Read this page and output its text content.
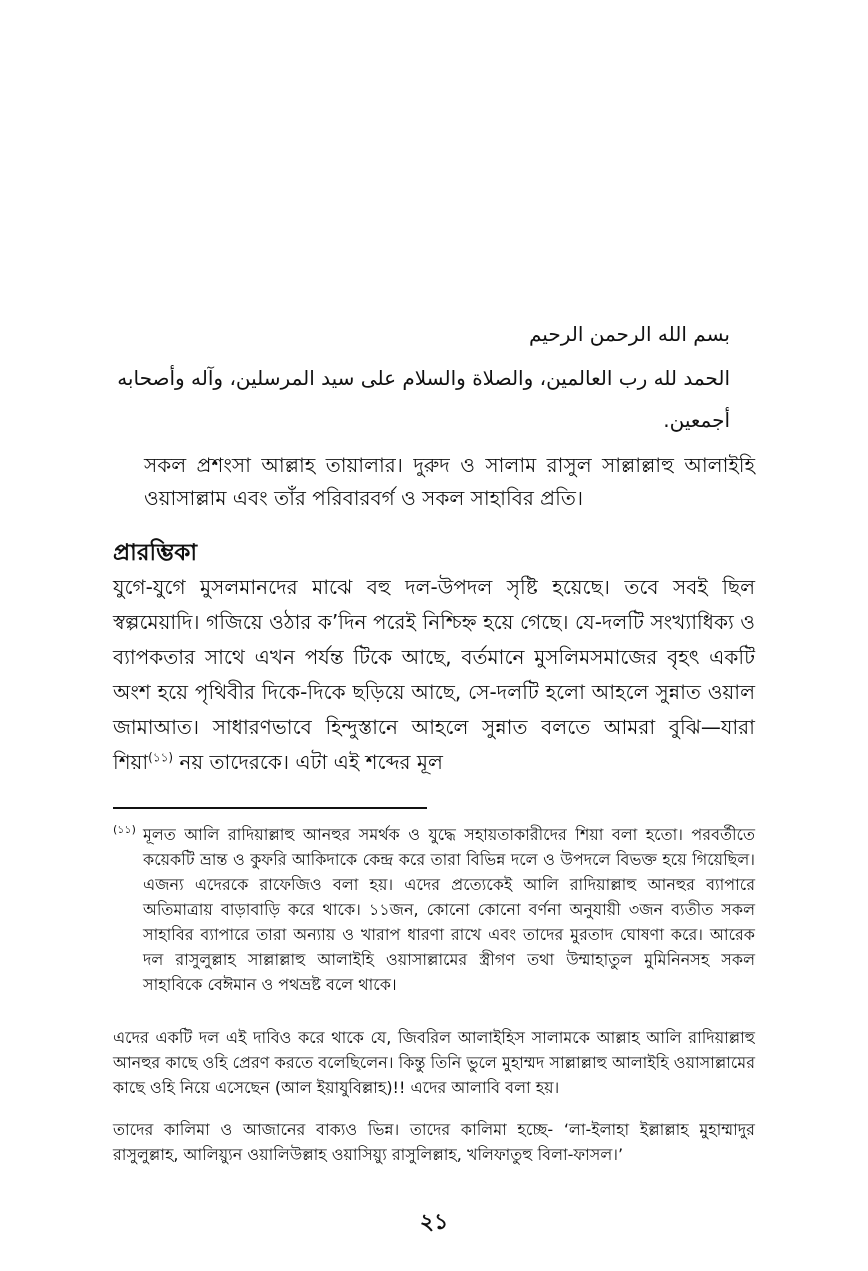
بسم الله الرحمن الرحيم
الحمد لله رب العالمين، والصلاة والسلام على سيد المرسلين، وآله وأصحابه
أجمعين.
সকল প্রশংসা আল্লাহ তায়ালার। দুরুদ ও সালাম রাসুল সাল্লাল্লাহু আলাইহি ওয়াসাল্লাম এবং তাঁর পরিবারবর্গ ও সকল সাহাবির প্রতি।
প্রারম্ভিকা
যুগে-যুগে মুসলমানদের মাঝে বহু দল-উপদল সৃষ্টি হয়েছে। তবে সবই ছিল স্বল্পমেয়াদি। গজিয়ে ওঠার ক’দিন পরেই নিশ্চিহ্ন হয়ে গেছে। যে-দলটি সংখ্যাধিক্য ও ব্যাপকতার সাথে এখন পর্যন্ত টিকে আছে, বর্তমানে মুসলিমসমাজের বৃহৎ একটি অংশ হয়ে পৃথিবীর দিকে-দিকে ছড়িয়ে আছে, সে-দলটি হলো আহলে সুন্নাত ওয়াল জামাআত। সাধারণভাবে হিন্দুস্তানে আহলে সুন্নাত বলতে আমরা বুঝি—যারা শিয়া$^{(১১)}$ নয় তাদেরকে। এটা এই শব্দের মূল
(১১) মূলত আলি রাদিয়াল্লাহু আনহুর সমর্থক ও যুদ্ধে সহায়তাকারীদের শিয়া বলা হতো। পরবর্তীতে কয়েকটি ভ্রান্ত ও কুফরি আকিদাকে কেন্দ্র করে তারা বিভিন্ন দলে ও উপদলে বিভক্ত হয়ে গিয়েছিল। এজন্য এদেরকে রাফেজিও বলা হয়। এদের প্রত্যেকেই আলি রাদিয়াল্লাহু আনহুর ব্যাপারে অতিমাত্রায় বাড়াবাড়ি করে থাকে। ১১জন, কোনো কোনো বর্ণনা অনুযায়ী ৩জন ব্যতীত সকল সাহাবির ব্যাপারে তারা অন্যায় ও খারাপ ধারণা রাখে এবং তাদের মুরতাদ ঘোষণা করে। আরেক দল রাসুলুল্লাহ সাল্লাল্লাহু আলাইহি ওয়াসাল্লামের স্ত্রীগণ তথা উম্মাহাতুল মুমিনিনসহ সকল সাহাবিকে বেঈমান ও পথভ্রষ্ট বলে থাকে।
এদের একটি দল এই দাবিও করে থাকে যে, জিবরিল আলাইহিস সালামকে আল্লাহ আলি রাদিয়াল্লাহু আনহুর কাছে ওহি প্রেরণ করতে বলেছিলেন। কিন্তু তিনি ভুলে মুহাম্মদ সাল্লাল্লাহু আলাইহি ওয়াসাল্লামের কাছে ওহি নিয়ে এসেছেন (আল ইয়াযুবিল্লাহ)!! এদের আলাবি বলা হয়।
তাদের কালিমা ও আজানের বাক্যও ভিন্ন। তাদের কালিমা হচ্ছে- ‘লা-ইলাহা ইল্লাল্লাহ মুহাম্মাদুর রাসুলুল্লাহ, আলিয়্যুন ওয়ালিউল্লাহ ওয়াসিয়্যু রাসুলিল্লাহ, খলিফাতুহু বিলা-ফাসল।’
২১
